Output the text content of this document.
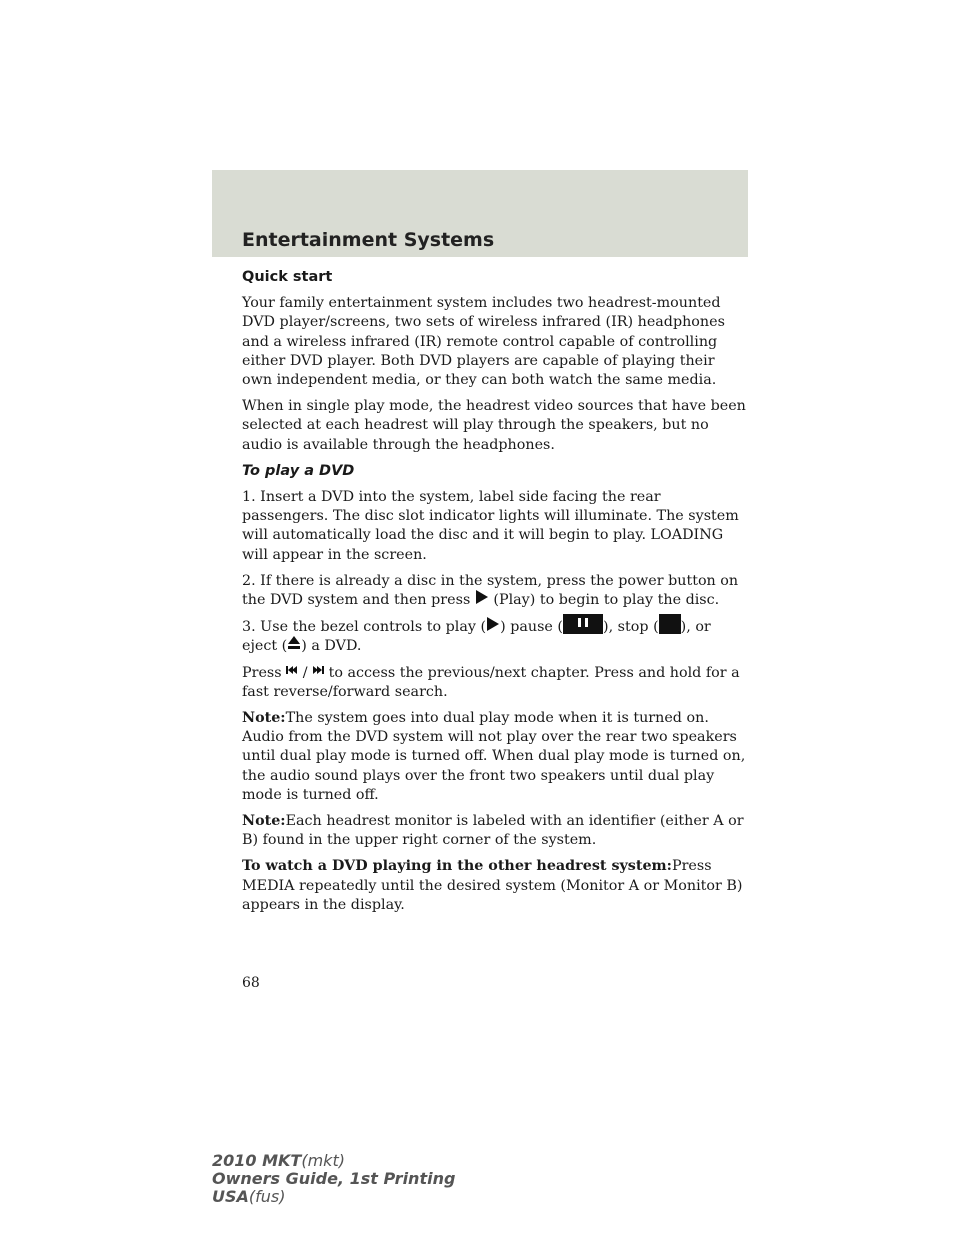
Entertainment Systems

Quick start

Your family entertainment system includes two headrest-mounted DVD player/screens, two sets of wireless infrared (IR) headphones and a wireless infrared (IR) remote control capable of controlling either DVD player. Both DVD players are capable of playing their own independent media, or they can both watch the same media.

When in single play mode, the headrest video sources that have been selected at each headrest will play through the speakers, but no audio is available through the headphones.

To play a DVD

1. Insert a DVD into the system, label side facing the rear passengers. The disc slot indicator lights will illuminate. The system will automatically load the disc and it will begin to play. LOADING will appear in the screen.

2. If there is already a disc in the system, press the power button on the DVD system and then press (Play) to begin to play the disc.

3. Use the bezel controls to play ( ) pause (	), stop ( ), or eject ( ) a DVD.

Press / to access the previous/next chapter. Press and hold for a fast reverse/forward search.

Note:The system goes into dual play mode when it is turned on. Audio from the DVD system will not play over the rear two speakers until dual play mode is turned off. When dual play mode is turned on, the audio sound plays over the front two speakers until dual play mode is turned off.

Note:Each headrest monitor is labeled with an identifier (either A or B) found in the upper right corner of the system.

To watch a DVD playing in the other headrest system:Press MEDIA repeatedly until the desired system (Monitor A or Monitor B) appears in the display.

68
2010 MKT(mkt)
Owners Guide, 1st Printing
USA(fus)
